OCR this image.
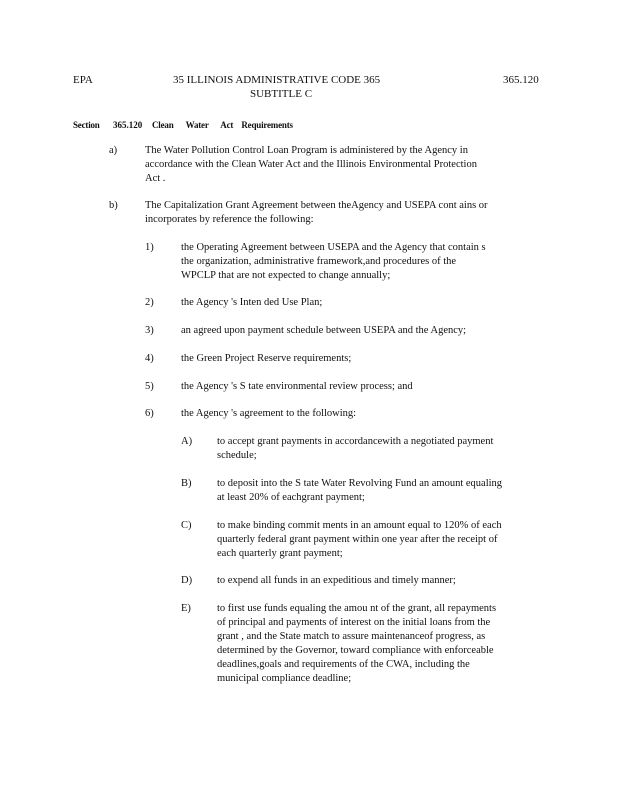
EPA	35 ILLINOIS ADMINISTRATIVE CODE 365
SUBTITLE C
365.120
Section 365.120 Clean      Water      Act    Requirements
a)	The Water Pollution Control Loan Program is administered by the Agency in
accordance with the Clean Water Act and the Illinois Environmental Protection
Act .
b)	The Capitalization Grant Agreement between theAgency and USEPA cont ains or
incorporates by reference the following:
1)	the Operating Agreement between USEPA and the Agency that contain s
the organization, administrative framework,and procedures of the
WPCLP that are not expected to change annually;
2)	the Agency 's Inten ded Use Plan;
3)	an agreed upon payment schedule between USEPA and the Agency;
4)	the Green Project Reserve requirements;
5)	the Agency 's S tate environmental review process; and
6)	the Agency 's agreement to the following:
A) to accept grant payments in accordancewith a negotiated payment
schedule;
B) to deposit into the S tate Water Revolving Fund an amount equaling
at least 20% of eachgrant payment;
C) to make binding commit ments in an amount equal to 120% of each
quarterly federal grant payment within one year after the receipt of
each quarterly grant payment;
D) to expend all funds in an expeditious and timely manner;
E) to first use funds equaling the amou nt of the grant, all repayments
of principal and payments of interest on the initial loans from the
grant , and the State match to assure maintenanceof progress, as
determined by the Governor, toward compliance with enforceable
deadlines,goals and requirements of the CWA, including the
municipal compliance deadline;
